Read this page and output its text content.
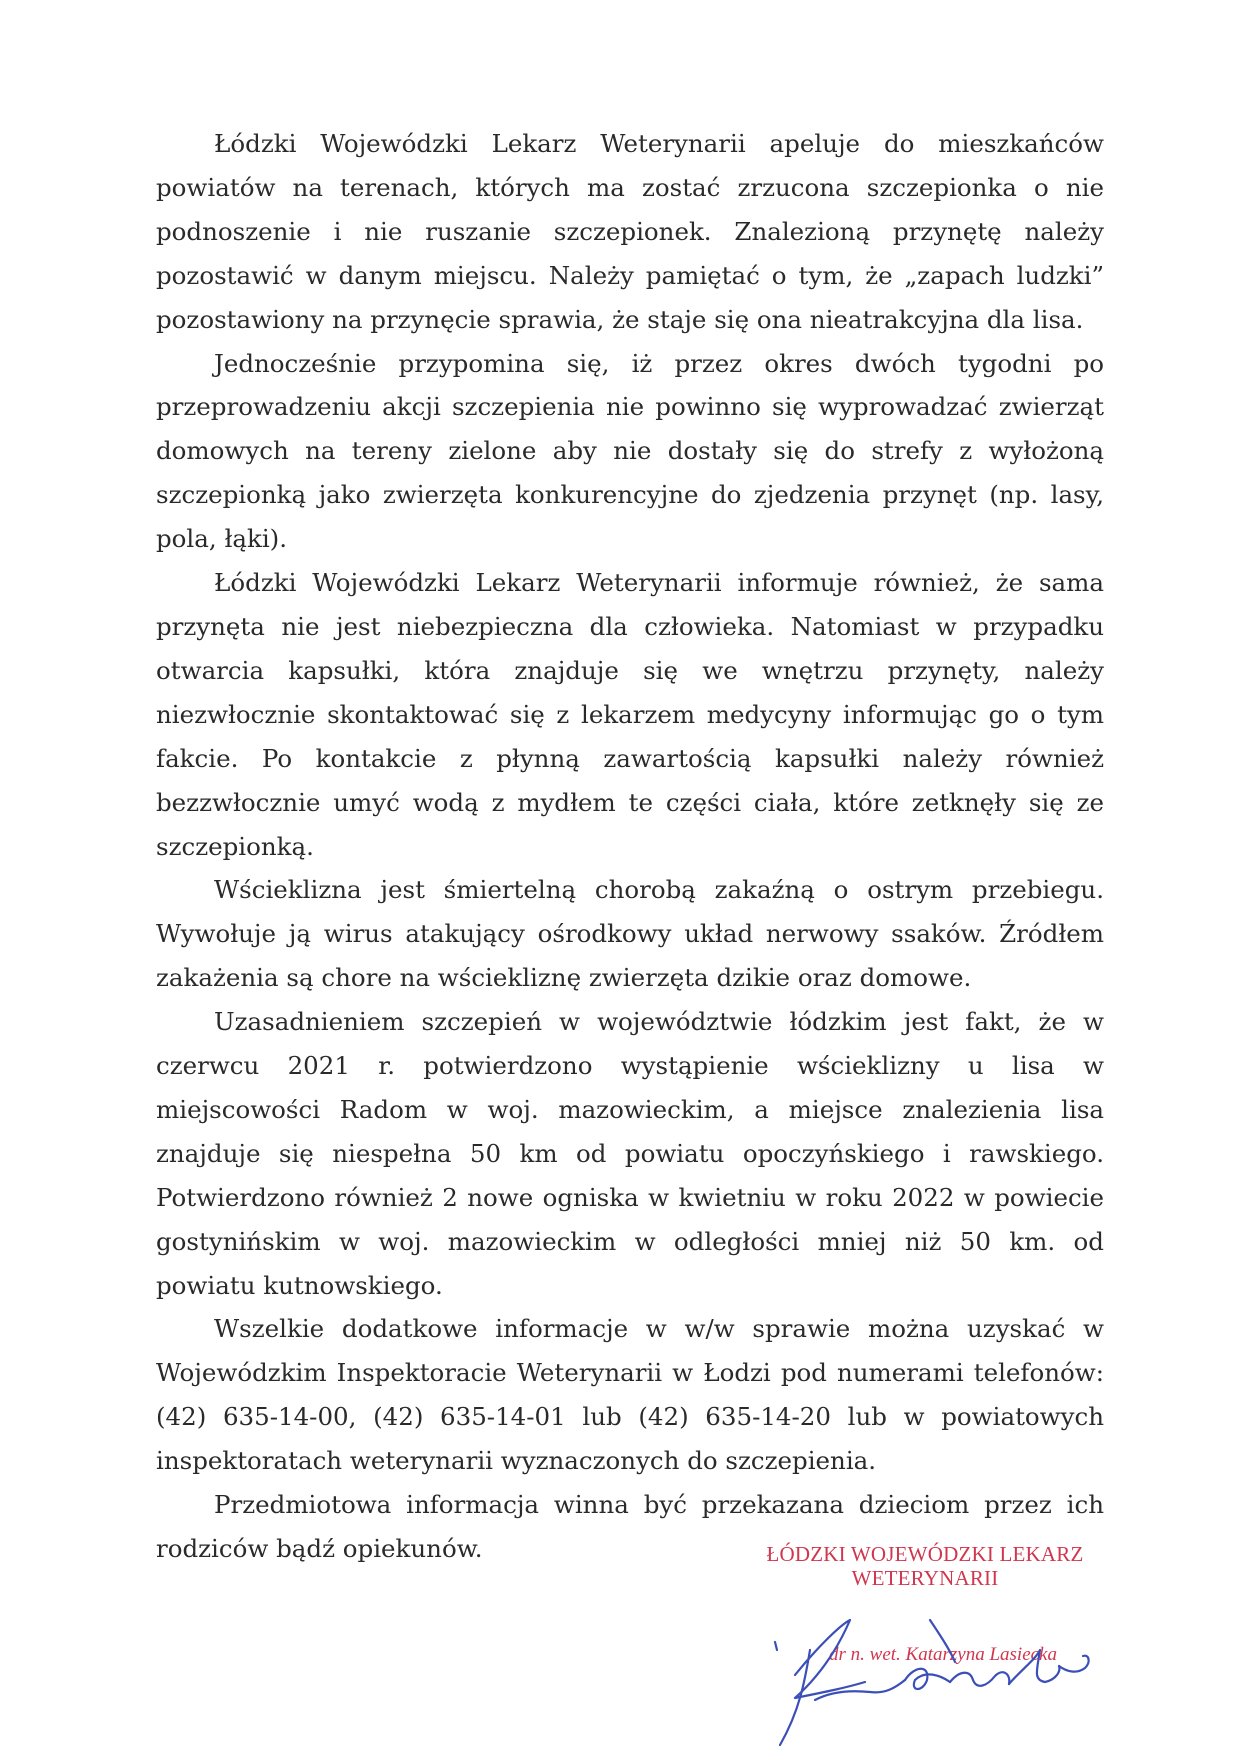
Łódzki Wojewódzki Lekarz Weterynarii apeluje do mieszkańców powiatów na terenach, których ma zostać zrzucona szczepionka o nie podnoszenie i nie ruszanie szczepionek. Znalezioną przynętę należy pozostawić w danym miejscu. Należy pamiętać o tym, że „zapach ludzki” pozostawiony na przynęcie sprawia, że staje się ona nieatrakcyjna dla lisa.

Jednocześnie przypomina się, iż przez okres dwóch tygodni po przeprowadzeniu akcji szczepienia nie powinno się wyprowadzać zwierząt domowych na tereny zielone aby nie dostały się do strefy z wyłożoną szczepionką jako zwierzęta konkurencyjne do zjedzenia przynęt (np. lasy, pola, łąki).

Łódzki Wojewódzki Lekarz Weterynarii informuje również, że sama przynęta nie jest niebezpieczna dla człowieka. Natomiast w przypadku otwarcia kapsułki, która znajduje się we wnętrzu przynęty, należy niezwłocznie skontaktować się z lekarzem medycyny informując go o tym fakcie. Po kontakcie z płynną zawartością kapsułki należy również bezzwłocznie umyć wodą z mydłem te części ciała, które zetknęły się ze szczepionką.

Wścieklizna jest śmiertelną chorobą zakaźną o ostrym przebiegu. Wywołuje ją wirus atakujący ośrodkowy układ nerwowy ssaków. Źródłem zakażenia są chore na wściekliznę zwierzęta dzikie oraz domowe.

Uzasadnieniem szczepień w województwie łódzkim jest fakt, że w czerwcu 2021 r. potwierdzono wystąpienie wścieklizny u lisa w miejscowości Radom w woj. mazowieckim, a miejsce znalezienia lisa znajduje się niespełna 50 km od powiatu opoczyńskiego i rawskiego. Potwierdzono również 2 nowe ogniska w kwietniu w roku 2022 w powiecie gostynińskim w woj. mazowieckim w odległości mniej niż 50 km. od powiatu kutnowskiego.

Wszelkie dodatkowe informacje w w/w sprawie można uzyskać w Wojewódzkim Inspektoracie Weterynarii w Łodzi pod numerami telefonów: (42) 635-14-00, (42) 635-14-01 lub (42) 635-14-20 lub w powiatowych inspektoratach weterynarii wyznaczonych do szczepienia.

Przedmiotowa informacja winna być przekazana dzieciom przez ich rodziców bądź opiekunów.	ŁÓDZKI WOJEWÓDZKI LEKARZ
WETERYNARII
dr n. wet. Katarzyna Lasiecka
